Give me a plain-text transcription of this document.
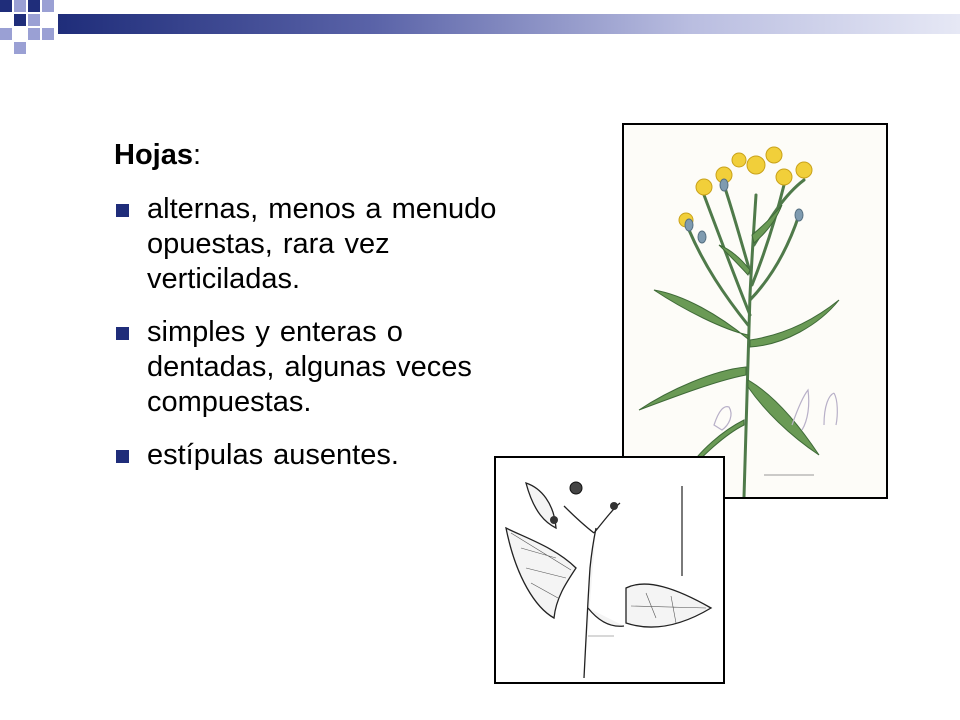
Hojas:
alternas, menos a menudo opuestas, rara vez verticiladas.
simples y enteras o dentadas, algunas veces compuestas.
estípulas ausentes.
